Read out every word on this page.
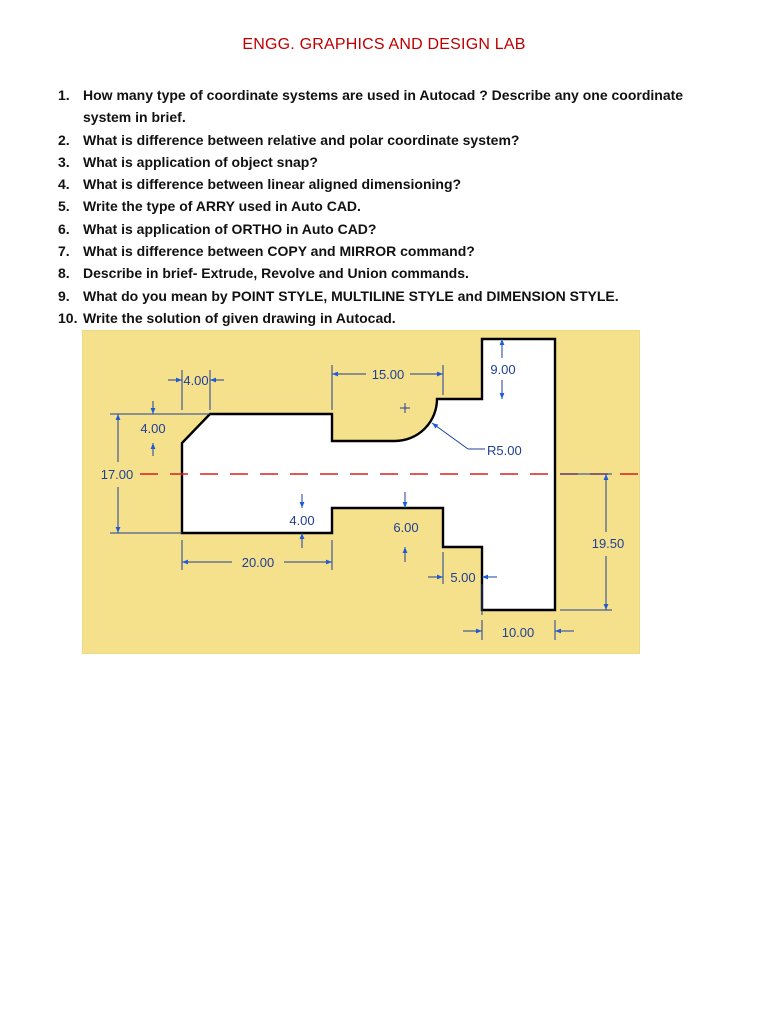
ENGG. GRAPHICS AND DESIGN LAB
1. How many type of coordinate systems are used in Autocad ? Describe any one coordinate system in brief.
2. What is difference between relative and polar coordinate system?
3. What is application of object snap?
4. What is difference between linear aligned dimensioning?
5. Write the type of ARRY used in Auto CAD.
6. What is application of ORTHO in Auto CAD?
7. What is difference between COPY and MIRROR command?
8. Describe in brief- Extrude, Revolve and Union commands.
9. What do you mean by POINT STYLE, MULTILINE STYLE and DIMENSION STYLE.
10. Write the solution of given drawing in Autocad.
4.00	15.00	9.00
4.00
R5.00
17.00
4.00	6.00
19.50
20.00
5.00
10.00
